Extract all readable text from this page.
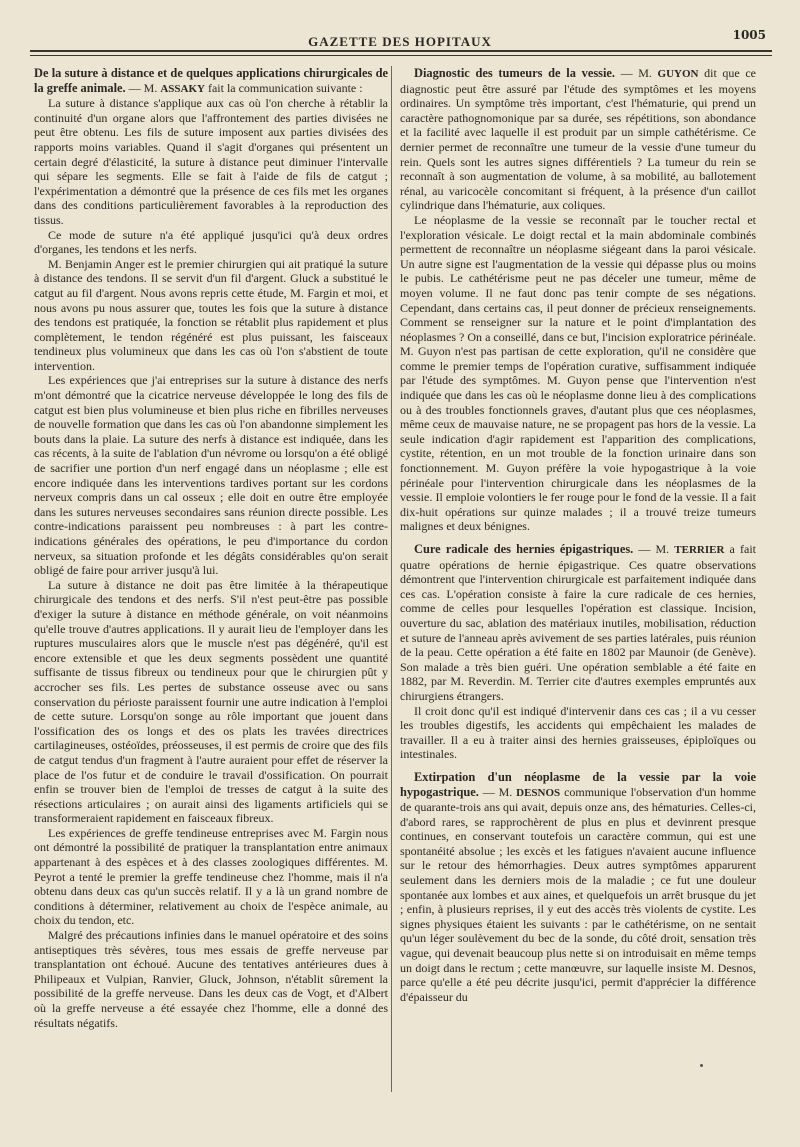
GAZETTE DES HOPITAUX	1005

De la suture à distance et de quelques applications chirurgicales de la greffe animale. — M. ASSAKY fait la communication suivante :

La suture à distance s'applique aux cas où l'on cherche à rétablir la continuité d'un organe alors que l'affrontement des parties divisées ne peut être obtenu. Les fils de suture imposent aux parties divisées des rapports moins variables. Quand il s'agit d'organes qui présentent un certain degré d'élasticité, la suture à distance peut diminuer l'intervalle qui sépare les segments. Elle se fait à l'aide de fils de catgut ; l'expérimentation a démontré que la présence de ces fils met les organes dans des conditions particulièrement favorables à la reproduction des tissus.

Ce mode de suture n'a été appliqué jusqu'ici qu'à deux ordres d'organes, les tendons et les nerfs.

M. Benjamin Anger est le premier chirurgien qui ait pratiqué la suture à distance des tendons. Il se servit d'un fil d'argent. Gluck a substitué le catgut au fil d'argent. Nous avons repris cette étude, M. Fargin et moi, et nous avons pu nous assurer que, toutes les fois que la suture à distance des tendons est pratiquée, la fonction se rétablit plus rapidement et plus complètement, le tendon régénéré est plus puissant, les faisceaux tendineux plus volumineux que dans les cas où l'on s'abstient de toute intervention.

Les expériences que j'ai entreprises sur la suture à distance des nerfs m'ont démontré que la cicatrice nerveuse développée le long des fils de catgut est bien plus volumineuse et bien plus riche en fibrilles nerveuses de nouvelle formation que dans les cas où l'on abandonne simplement les bouts dans la plaie. La suture des nerfs à distance est indiquée, dans les cas récents, à la suite de l'ablation d'un névrome ou lorsqu'on a été obligé de sacrifier une portion d'un nerf engagé dans un néoplasme ; elle est encore indiquée dans les interventions tardives portant sur les cordons nerveux compris dans un cal osseux ; elle doit en outre être employée dans les sutures nerveuses secondaires sans réunion directe possible. Les contre-indications paraissent peu nombreuses : à part les contre-indications générales des opérations, le peu d'importance du cordon nerveux, sa situation profonde et les dégâts considérables qu'on serait obligé de faire pour arriver jusqu'à lui.

La suture à distance ne doit pas être limitée à la thérapeutique chirurgicale des tendons et des nerfs. S'il n'est peut-être pas possible d'exiger la suture à distance en méthode générale, on voit néanmoins qu'elle trouve d'autres applications. Il y aurait lieu de l'employer dans les ruptures musculaires alors que le muscle n'est pas dégénéré, qu'il est encore extensible et que les deux segments possèdent une quantité suffisante de tissus fibreux ou tendineux pour que le chirurgien pût y accrocher ses fils. Les pertes de substance osseuse avec ou sans conservation du périoste paraissent fournir une autre indication à l'emploi de cette suture. Lorsqu'on songe au rôle important que jouent dans l'ossification des os longs et des os plats les travées directrices cartilagineuses, ostéoïdes, préosseuses, il est permis de croire que des fils de catgut tendus d'un fragment à l'autre auraient pour effet de réserver la place de l'os futur et de conduire le travail d'ossification. On pourrait enfin se trouver bien de l'emploi de tresses de catgut à la suite des résections articulaires ; on aurait ainsi des ligaments artificiels qui se transformeraient rapidement en faisceaux fibreux.

Les expériences de greffe tendineuse entreprises avec M. Fargin nous ont démontré la possibilité de pratiquer la transplantation entre animaux appartenant à des espèces et à des classes zoologiques différentes. M. Peyrot a tenté le premier la greffe tendineuse chez l'homme, mais il n'a obtenu dans deux cas qu'un succès relatif. Il y a là un grand nombre de conditions à déterminer, relativement au choix de l'espèce animale, au choix du tendon, etc.

Malgré des précautions infinies dans le manuel opératoire et des soins antiseptiques très sévères, tous mes essais de greffe nerveuse par transplantation ont échoué. Aucune des tentatives antérieures dues à Philipeaux et Vulpian, Ranvier, Gluck, Johnson, n'établit sûrement la possibilité de la greffe nerveuse. Dans les deux cas de Vogt, et d'Albert où la greffe nerveuse a été essayée chez l'homme, elle a donné des résultats négatifs.

Diagnostic des tumeurs de la vessie. — M. GUYON dit que ce diagnostic peut être assuré par l'étude des symptômes et les moyens ordinaires. Un symptôme très important, c'est l'hématurie, qui prend un caractère pathognomonique par sa durée, ses répétitions, son abondance et la facilité avec laquelle il est produit par un simple cathétérisme. Ce dernier permet de reconnaître une tumeur de la vessie d'une tumeur du rein. Quels sont les autres signes différentiels ? La tumeur du rein se reconnaît à son augmentation de volume, à sa mobilité, au ballotement rénal, au varicocèle concomitant si fréquent, à la présence d'un caillot cylindrique dans l'hématurie, aux coliques.

Le néoplasme de la vessie se reconnaît par le toucher rectal et l'exploration vésicale. Le doigt rectal et la main abdominale combinés permettent de reconnaître un néoplasme siégeant dans la paroi vésicale. Un autre signe est l'augmentation de la vessie qui dépasse plus ou moins le pubis. Le cathétérisme peut ne pas déceler une tumeur, même de moyen volume. Il ne faut donc pas tenir compte de ses négations. Cependant, dans certains cas, il peut donner de précieux renseignements. Comment se renseigner sur la nature et le point d'implantation des néoplasmes ? On a conseillé, dans ce but, l'incision exploratrice périnéale. M. Guyon n'est pas partisan de cette exploration, qu'il ne considère que comme le premier temps de l'opération curative, suffisamment indiquée par l'étude des symptômes. M. Guyon pense que l'intervention n'est indiquée que dans les cas où le néoplasme donne lieu à des complications ou à des troubles fonctionnels graves, d'autant plus que ces néoplasmes, même ceux de mauvaise nature, ne se propagent pas hors de la vessie. La seule indication d'agir rapidement est l'apparition des complications, cystite, rétention, en un mot trouble de la fonction urinaire dans son fonctionnement. M. Guyon préfère la voie hypogastrique à la voie périnéale pour l'intervention chirurgicale dans les néoplasmes de la vessie. Il emploie volontiers le fer rouge pour le fond de la vessie. Il a fait dix-huit opérations sur quinze malades ; il a trouvé treize tumeurs malignes et deux bénignes.

Cure radicale des hernies épigastriques. — M. TERRIER a fait quatre opérations de hernie épigastrique. Ces quatre observations démontrent que l'intervention chirurgicale est parfaitement indiquée dans ces cas. L'opération consiste à faire la cure radicale de ces hernies, comme de celles pour lesquelles l'opération est classique. Incision, ouverture du sac, ablation des matériaux inutiles, mobilisation, réduction et suture de l'anneau après avivement de ses parties latérales, puis réunion de la peau. Cette opération a été faite en 1802 par Maunoir (de Genève). Son malade a très bien guéri. Une opération semblable a été faite en 1882, par M. Reverdin. M. Terrier cite d'autres exemples empruntés aux chirurgiens étrangers.

Il croit donc qu'il est indiqué d'intervenir dans ces cas ; il a vu cesser les troubles digestifs, les accidents qui empêchaient les malades de travailler. Il a eu à traiter ainsi des hernies graisseuses, épiploïques ou intestinales.

Extirpation d'un néoplasme de la vessie par la voie hypogastrique. — M. DESNOS communique l'observation d'un homme de quarante-trois ans qui avait, depuis onze ans, des hématuries. Celles-ci, d'abord rares, se rapprochèrent de plus en plus et devinrent presque continues, en conservant toutefois un caractère commun, qui est une spontanéité absolue ; les excès et les fatigues n'avaient aucune influence sur le retour des hémorrhagies. Deux autres symptômes apparurent seulement dans les derniers mois de la maladie ; ce fut une douleur spontanée aux lombes et aux aines, et quelquefois un arrêt brusque du jet ; enfin, à plusieurs reprises, il y eut des accès très violents de cystite. Les signes physiques étaient les suivants : par le cathétérisme, on ne sentait qu'un léger soulèvement du bec de la sonde, du côté droit, sensation très vague, qui devenait beaucoup plus nette si on introduisait en même temps un doigt dans le rectum ; cette manœuvre, sur laquelle insiste M. Desnos, parce qu'elle a été peu décrite jusqu'ici, permit d'apprécier la différence d'épaisseur du
